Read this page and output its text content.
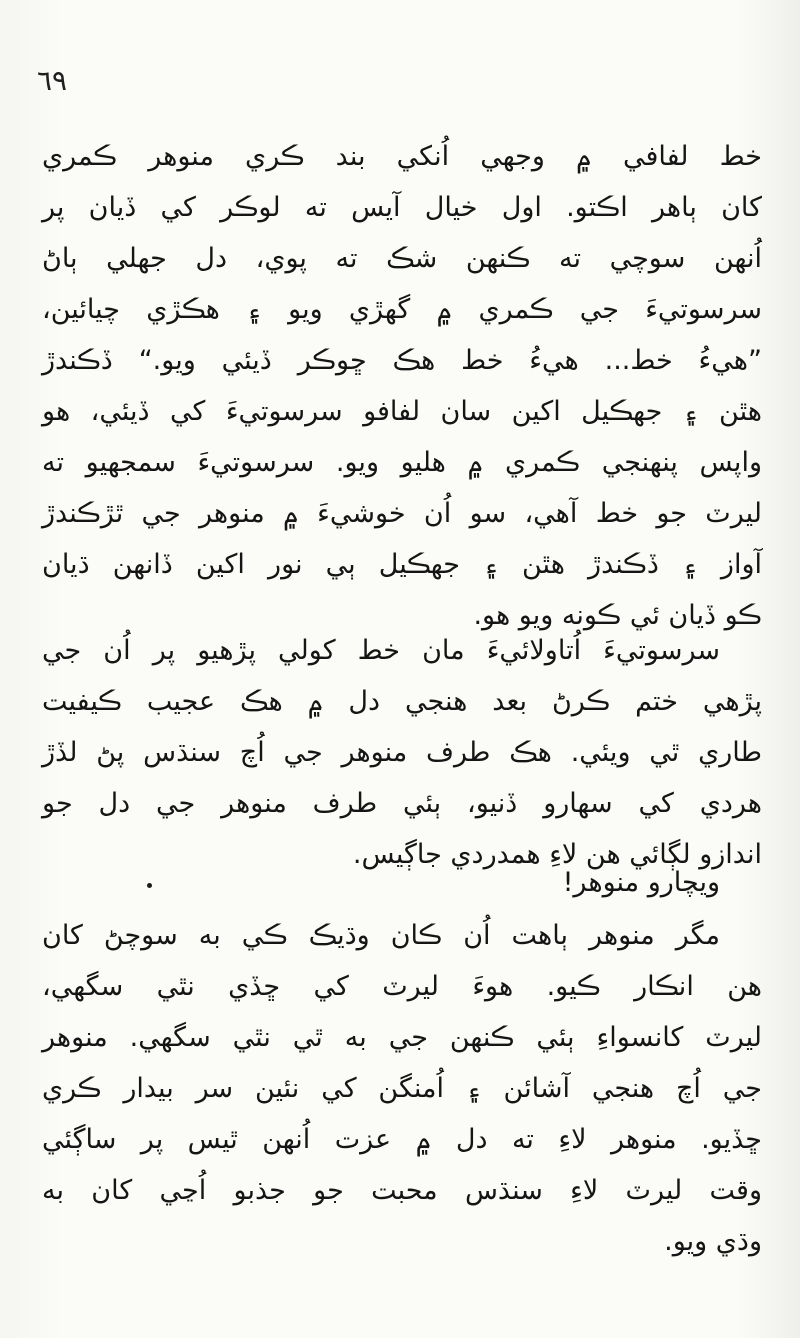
٦٩
خط لفافي ۾ وجهي اُنکي بند ڪري منوهر ڪمري
کان ٻاهر اڪتو. اول خيال آيس ته لوڪر کي ڏيان پر
اُنهن سوچي ته ڪنهن شڪ ته پوي، دل جهلي ٻاڻ
سرسوتيءَ جي ڪمري ۾ گهڙي ويو ۽ هڪڙي چيائين،
”هيءُ خط... هيءُ خط هڪ ڇوڪر ڏيئي ويو.“ ڏڪندڙ
هٿن ۽ جهڪيل اکين سان لفافو سرسوتيءَ کي ڏيئي، هو
واپس پنهنجي ڪمري ۾ هليو ويو. سرسوتيءَ سمجهيو ته
ليرٽ جو خط آهي، سو اُن خوشيءَ ۾ منوهر جي ٿڙڪندڙ
آواز ۽ ڏڪندڙ هٿن ۽ جهڪيل ٻي نور اکين ڏانهن ڌيان
ڪو ڏيان ئي ڪونه ويو هو.
سرسوتيءَ اُتاولائيءَ مان خط کولي پڙهيو پر اُن جي
پڙهي ختم ڪرڻ بعد هنجي دل ۾ هڪ عجيب ڪيفيت
طاري ٿي ويئي. هڪ طرف منوهر جي اُچ سنڌس پڻ لڏڙ
هردي کي سهارو ڏنيو، ٻئي طرف منوهر جي دل جو
اندازو لڳائي هن لاءِ همدردي جاڳيس.
ويچارو منوهر!
مگر منوهر ٻاهت اُن ڪان وڌيڪ ڪي به سوچڻ کان
هن انڪار ڪيو. هوءَ ليرٽ کي ڇڏي نٿي سگهي،
ليرٽ کانسواءِ ٻئي ڪنهن جي به ٿي نٿي سگهي. منوهر
جي اُچ هنجي آشائن ۽ اُمنگن کي نئين سر بيدار ڪري
ڇڏيو. منوهر لاءِ ته دل ۾ عزت اُنهن ٿيس پر ساڳئي
وقت ليرٽ لاءِ سنڌس محبت جو جذبو اُڃي کان به
وڌي ويو.
